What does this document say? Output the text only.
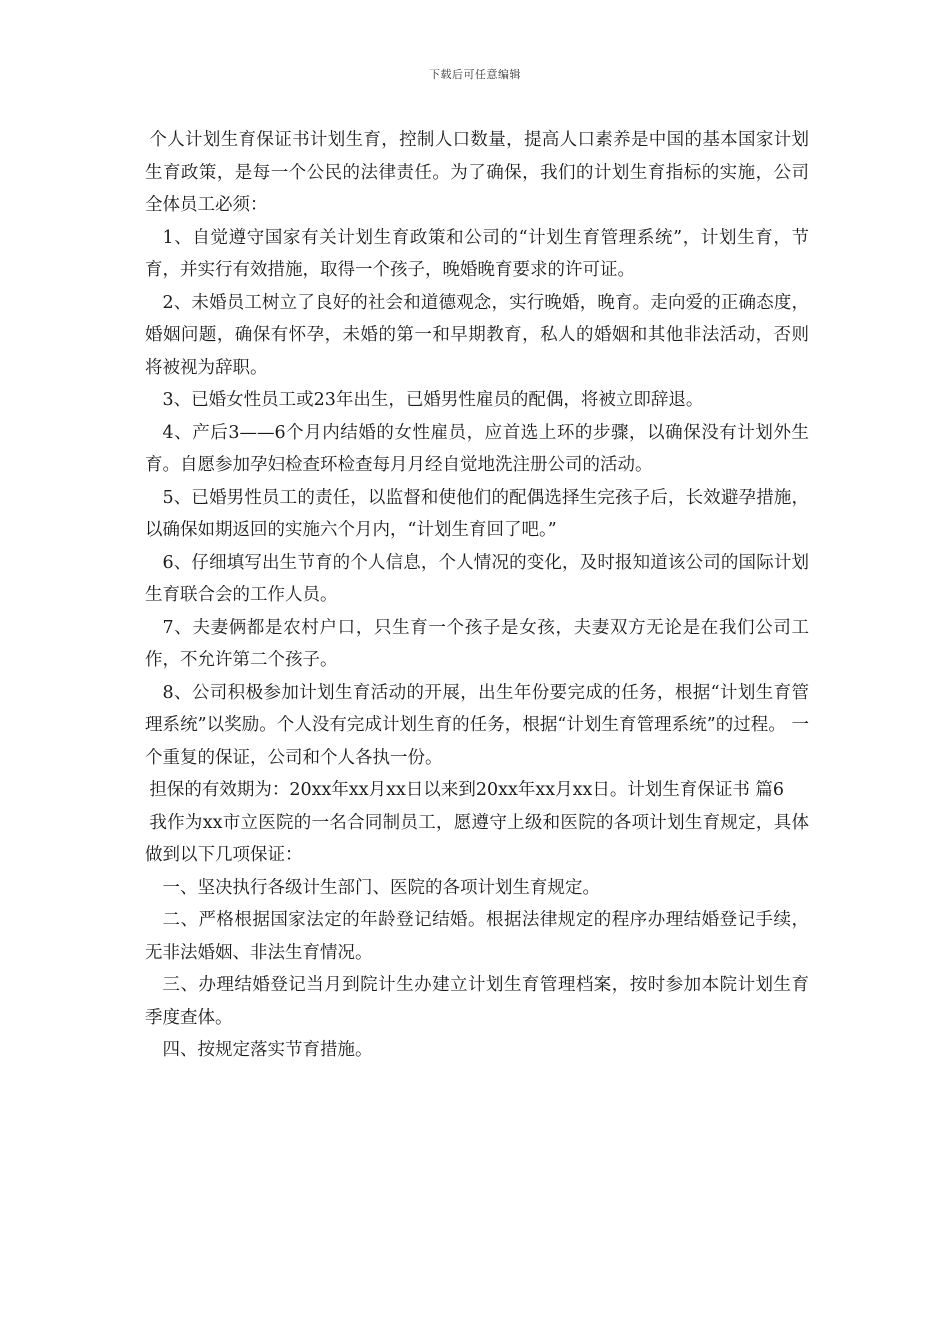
下载后可任意编辑

个人计划生育保证书计划生育，控制人口数量，提高人口素养是中国的基本国家计划生育政策，是每一个公民的法律责任。为了确保，我们的计划生育指标的实施，公司全体员工必须：

1、自觉遵守国家有关计划生育政策和公司的“计划生育管理系统”，计划生育，节育，并实行有效措施，取得一个孩子，晚婚晚育要求的许可证。

2、未婚员工树立了良好的社会和道德观念，实行晚婚，晚育。走向爱的正确态度，婚姻问题，确保有怀孕，未婚的第一和早期教育，私人的婚姻和其他非法活动，否则将被视为辞职。

3、已婚女性员工或23年出生，已婚男性雇员的配偶，将被立即辞退。

4、产后3——6个月内结婚的女性雇员，应首选上环的步骤，以确保没有计划外生育。自愿参加孕妇检查环检查每月月经自觉地洗注册公司的活动。

5、已婚男性员工的责任，以监督和使他们的配偶选择生完孩子后，长效避孕措施，以确保如期返回的实施六个月内，“计划生育回了吧。”

6、仔细填写出生节育的个人信息，个人情况的变化，及时报知道该公司的国际计划生育联合会的工作人员。

7、夫妻俩都是农村户口，只生育一个孩子是女孩，夫妻双方无论是在我们公司工作，不允许第二个孩子。

8、公司积极参加计划生育活动的开展，出生年份要完成的任务，根据“计划生育管理系统”以奖励。个人没有完成计划生育的任务，根据“计划生育管理系统”的过程。 一个重复的保证，公司和个人各执一份。

担保的有效期为：20xx年xx月xx日以来到20xx年xx月xx日。计划生育保证书 篇6

我作为xx市立医院的一名合同制员工，愿遵守上级和医院的各项计划生育规定，具体做到以下几项保证：

一、坚决执行各级计生部门、医院的各项计划生育规定。

二、严格根据国家法定的年龄登记结婚。根据法律规定的程序办理结婚登记手续，无非法婚姻、非法生育情况。

三、办理结婚登记当月到院计生办建立计划生育管理档案，按时参加本院计划生育季度查体。

四、按规定落实节育措施。
